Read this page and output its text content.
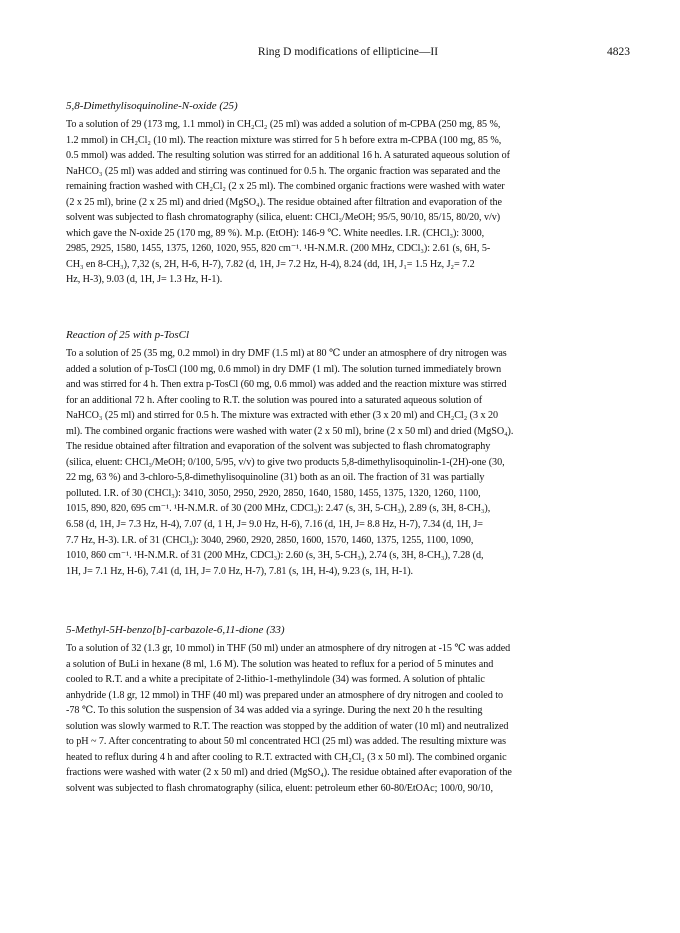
Ring D modifications of ellipticine—II	4823

5,8-Dimethylisoquinoline-N-oxide (25)

To a solution of 29 (173 mg, 1.1 mmol) in CH₂Cl₂ (25 ml) was added a solution of m-CPBA (250 mg, 85 %,
1.2 mmol) in CH₂Cl₂ (10 ml). The reaction mixture was stirred for 5 h before extra m-CPBA (100 mg, 85 %,
0.5 mmol) was added. The resulting solution was stirred for an additional 16 h. A saturated aqueous solution of
NaHCO₃ (25 ml) was added and stirring was continued for 0.5 h. The organic fraction was separated and the
remaining fraction washed with CH₂Cl₂ (2 x 25 ml). The combined organic fractions were washed with water
(2 x 25 ml), brine (2 x 25 ml) and dried (MgSO₄). The residue obtained after filtration and evaporation of the
solvent was subjected to flash chromatography (silica, eluent: CHCl₃/MeOH; 95/5, 90/10, 85/15, 80/20, v/v)
which gave the N-oxide 25 (170 mg, 89 %). M.p. (EtOH): 146-9 ℃. White needles. I.R. (CHCl₃): 3000,
2985, 2925, 1580, 1455, 1375, 1260, 1020, 955, 820 cm⁻¹. ¹H-N.M.R. (200 MHz, CDCl₃): 2.61 (s, 6H, 5-
CH₃ en 8-CH₃), 7,32 (s, 2H, H-6, H-7), 7.82 (d, 1H, J= 7.2 Hz, H-4), 8.24 (dd, 1H, J₁= 1.5 Hz, J₂= 7.2
Hz, H-3), 9.03 (d, 1H, J= 1.3 Hz, H-1).

Reaction of 25 with p-TosCl

To a solution of 25 (35 mg, 0.2 mmol) in dry DMF (1.5 ml) at 80 ℃ under an atmosphere of dry nitrogen was
added a solution of p-TosCl (100 mg, 0.6 mmol) in dry DMF (1 ml). The solution turned immediately brown
and was stirred for 4 h. Then extra p-TosCl (60 mg, 0.6 mmol) was added and the reaction mixture was stirred
for an additional 72 h. After cooling to R.T. the solution was poured into a saturated aqueous solution of
NaHCO₃ (25 ml) and stirred for 0.5 h. The mixture was extracted with ether (3 x 20 ml) and CH₂Cl₂ (3 x 20
ml). The combined organic fractions were washed with water (2 x 50 ml), brine (2 x 50 ml) and dried (MgSO₄).
The residue obtained after filtration and evaporation of the solvent was subjected to flash chromatography
(silica, eluent: CHCl₃/MeOH; 0/100, 5/95, v/v) to give two products 5,8-dimethylisoquinolin-1-(2H)-one (30,
22 mg, 63 %) and 3-chloro-5,8-dimethylisoquinoline (31) both as an oil. The fraction of 31 was partially
polluted. I.R. of 30 (CHCl₃): 3410, 3050, 2950, 2920, 2850, 1640, 1580, 1455, 1375, 1320, 1260, 1100,
1015, 890, 820, 695 cm⁻¹. ¹H-N.M.R. of 30 (200 MHz, CDCl₃): 2.47 (s, 3H, 5-CH₃), 2.89 (s, 3H, 8-CH₃),
6.58 (d, 1H, J= 7.3 Hz, H-4), 7.07 (d, 1 H, J= 9.0 Hz, H-6), 7.16 (d, 1H, J= 8.8 Hz, H-7), 7.34 (d, 1H, J=
7.7 Hz, H-3). I.R. of 31 (CHCl₃): 3040, 2960, 2920, 2850, 1600, 1570, 1460, 1375, 1255, 1100, 1090,
1010, 860 cm⁻¹. ¹H-N.M.R. of 31 (200 MHz, CDCl₃): 2.60 (s, 3H, 5-CH₃), 2.74 (s, 3H, 8-CH₃), 7.28 (d,
1H, J= 7.1 Hz, H-6), 7.41 (d, 1H, J= 7.0 Hz, H-7), 7.81 (s, 1H, H-4), 9.23 (s, 1H, H-1).

5-Methyl-5H-benzo[b]-carbazole-6,11-dione (33)

To a solution of 32 (1.3 gr, 10 mmol) in THF (50 ml) under an atmosphere of dry nitrogen at -15 ℃ was added
a solution of BuLi in hexane (8 ml, 1.6 M). The solution was heated to reflux for a period of 5 minutes and
cooled to R.T. and a white a precipitate of 2-lithio-1-methylindole (34) was formed. A solution of phtalic
anhydride (1.8 gr, 12 mmol) in THF (40 ml) was prepared under an atmosphere of dry nitrogen and cooled to
-78 ℃. To this solution the suspension of 34 was added via a syringe. During the next 20 h the resulting
solution was slowly warmed to R.T. The reaction was stopped by the addition of water (10 ml) and neutralized
to pH ~ 7. After concentrating to about 50 ml concentrated HCl (25 ml) was added. The resulting mixture was
heated to reflux during 4 h and after cooling to R.T. extracted with CH₂Cl₂ (3 x 50 ml). The combined organic
fractions were washed with water (2 x 50 ml) and dried (MgSO₄). The residue obtained after evaporation of the
solvent was subjected to flash chromatography (silica, eluent: petroleum ether 60-80/EtOAc; 100/0, 90/10,
